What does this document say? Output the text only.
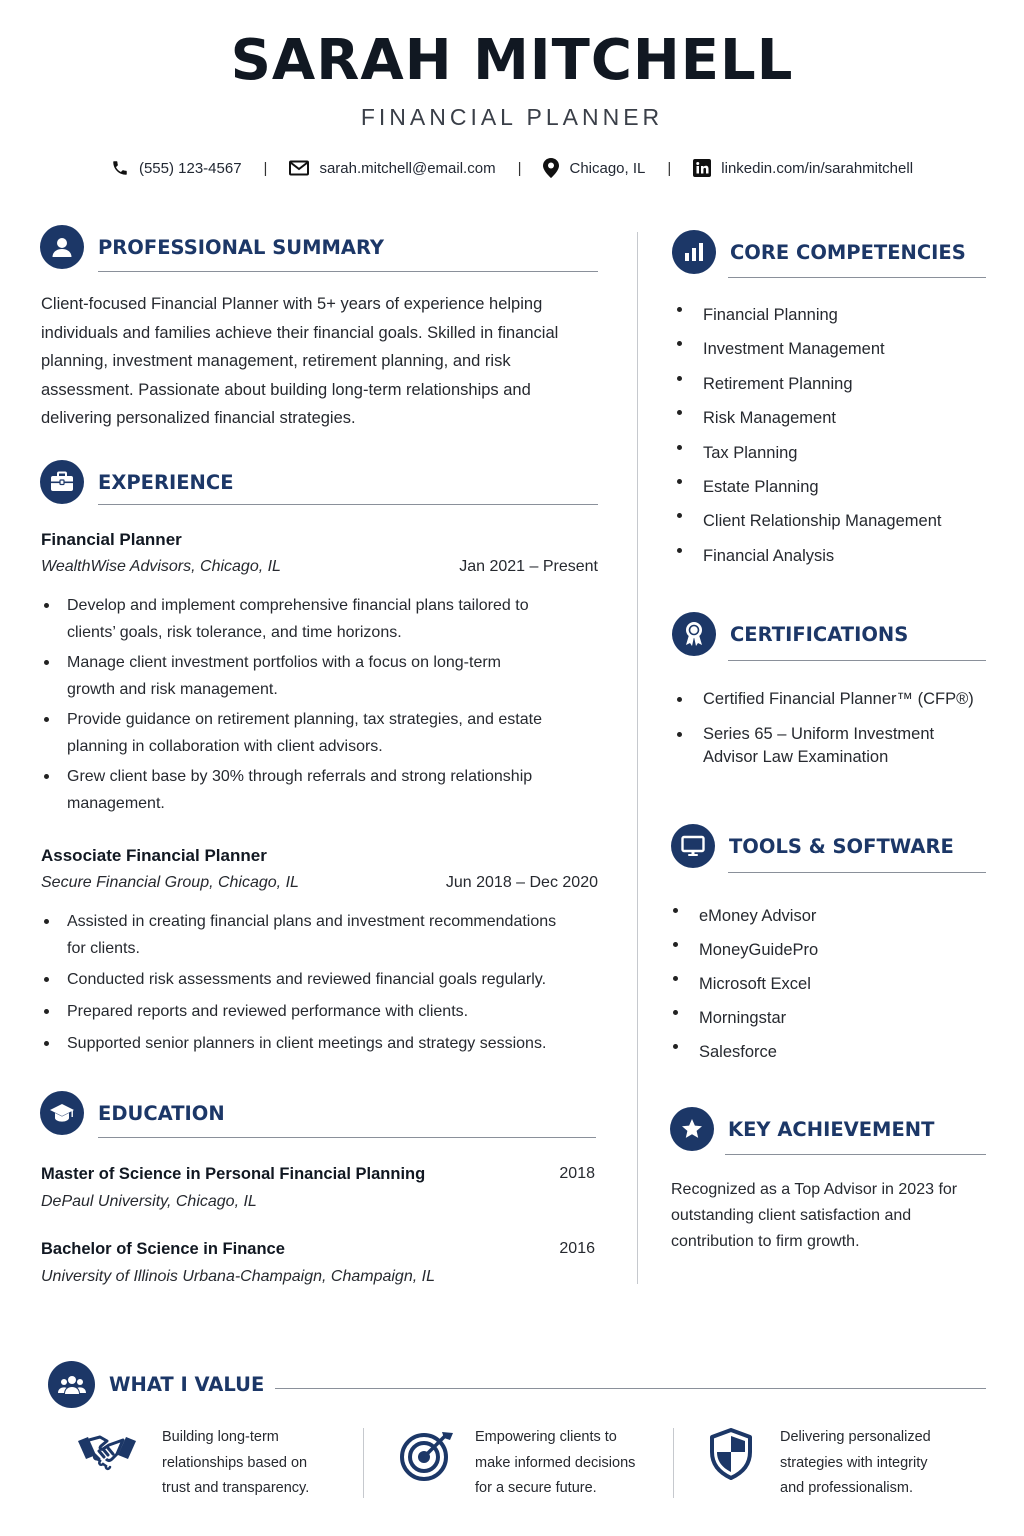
SARAH MITCHELL
FINANCIAL PLANNER
(555) 123-4567 |	sarah.mitchell@email.com |	Chicago, IL |	linkedin.com/in/sarahmitchell
PROFESSIONAL SUMMARY
Client-focused Financial Planner with 5+ years of experience helping
individuals and families achieve their financial goals. Skilled in financial
planning, investment management, retirement planning, and risk
assessment. Passionate about building long-term relationships and
delivering personalized financial strategies.
EXPERIENCE
Financial Planner
WealthWise Advisors, Chicago, IL	Jan 2021 – Present
Develop and implement comprehensive financial plans tailored to
clients’ goals, risk tolerance, and time horizons.
Manage client investment portfolios with a focus on long-term
growth and risk management.
Provide guidance on retirement planning, tax strategies, and estate
planning in collaboration with client advisors.
Grew client base by 30% through referrals and strong relationship
management.
Associate Financial Planner
Secure Financial Group, Chicago, IL	Jun 2018 – Dec 2020
Assisted in creating financial plans and investment recommendations
for clients.
Conducted risk assessments and reviewed financial goals regularly.
Prepared reports and reviewed performance with clients.
Supported senior planners in client meetings and strategy sessions.
EDUCATION
Master of Science in Personal Financial Planning	2018
DePaul University, Chicago, IL
Bachelor of Science in Finance	2016
University of Illinois Urbana-Champaign, Champaign, IL
CORE COMPETENCIES
Financial Planning
Investment Management
Retirement Planning
Risk Management
Tax Planning
Estate Planning
Client Relationship Management
Financial Analysis
CERTIFICATIONS
Certified Financial Planner™ (CFP®)
Series 65 – Uniform Investment
Advisor Law Examination
TOOLS & SOFTWARE
eMoney Advisor
MoneyGuidePro
Microsoft Excel
Morningstar
Salesforce
KEY ACHIEVEMENT
Recognized as a Top Advisor in 2023 for
outstanding client satisfaction and
contribution to firm growth.
WHAT I VALUE
Building long-term
relationships based on
trust and transparency.
Empowering clients to
make informed decisions
for a secure future.
Delivering personalized
strategies with integrity
and professionalism.
